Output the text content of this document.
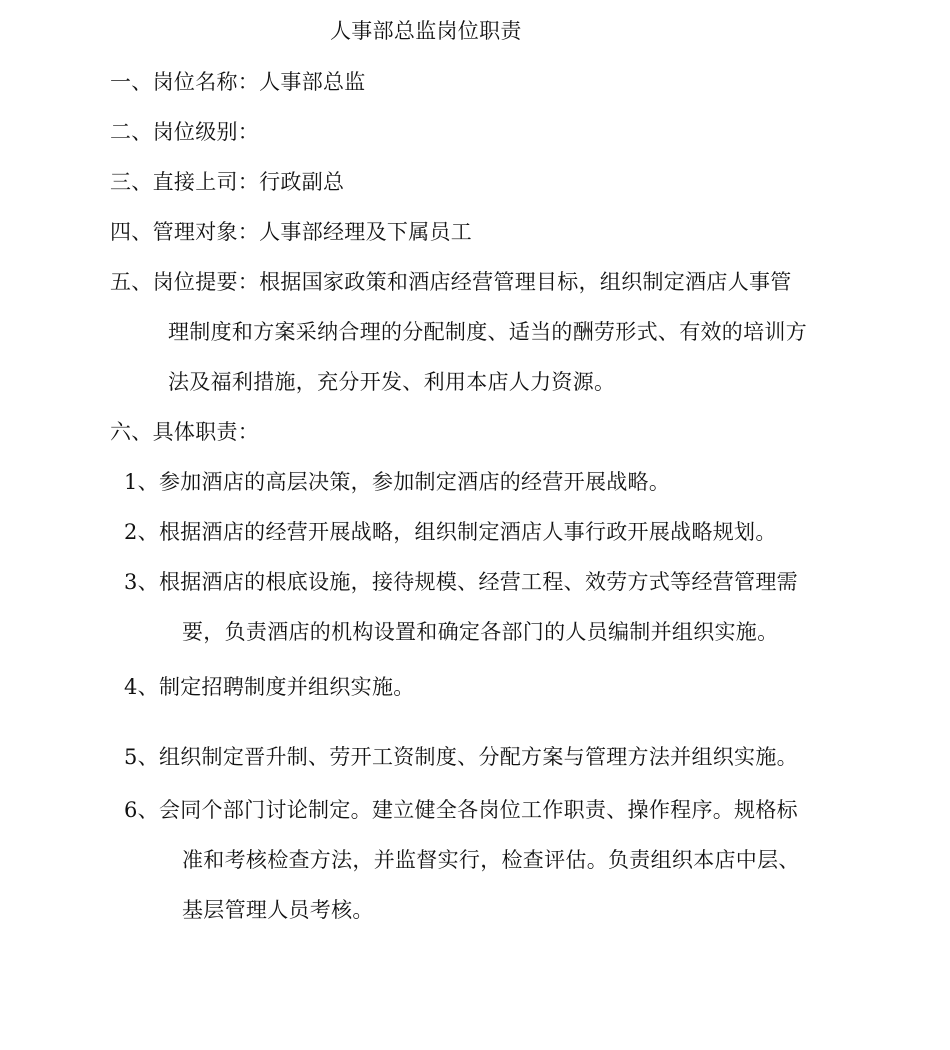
人事部总监岗位职责
一、岗位名称：人事部总监
二、岗位级别：
三、直接上司：行政副总
四、管理对象：人事部经理及下属员工
五、岗位提要：根据国家政策和酒店经营管理目标，组织制定酒店人事管
理制度和方案采纳合理的分配制度、适当的酬劳形式、有效的培训方
法及福利措施，充分开发、利用本店人力资源。
六、具体职责：
1、参加酒店的高层决策，参加制定酒店的经营开展战略。
2、根据酒店的经营开展战略，组织制定酒店人事行政开展战略规划。
3、根据酒店的根底设施，接待规模、经营工程、效劳方式等经营管理需
要，负责酒店的机构设置和确定各部门的人员编制并组织实施。
4、制定招聘制度并组织实施。
5、组织制定晋升制、劳开工资制度、分配方案与管理方法并组织实施。
6、会同个部门讨论制定。建立健全各岗位工作职责、操作程序。规格标
准和考核检查方法，并监督实行，检查评估。负责组织本店中层、
基层管理人员考核。
